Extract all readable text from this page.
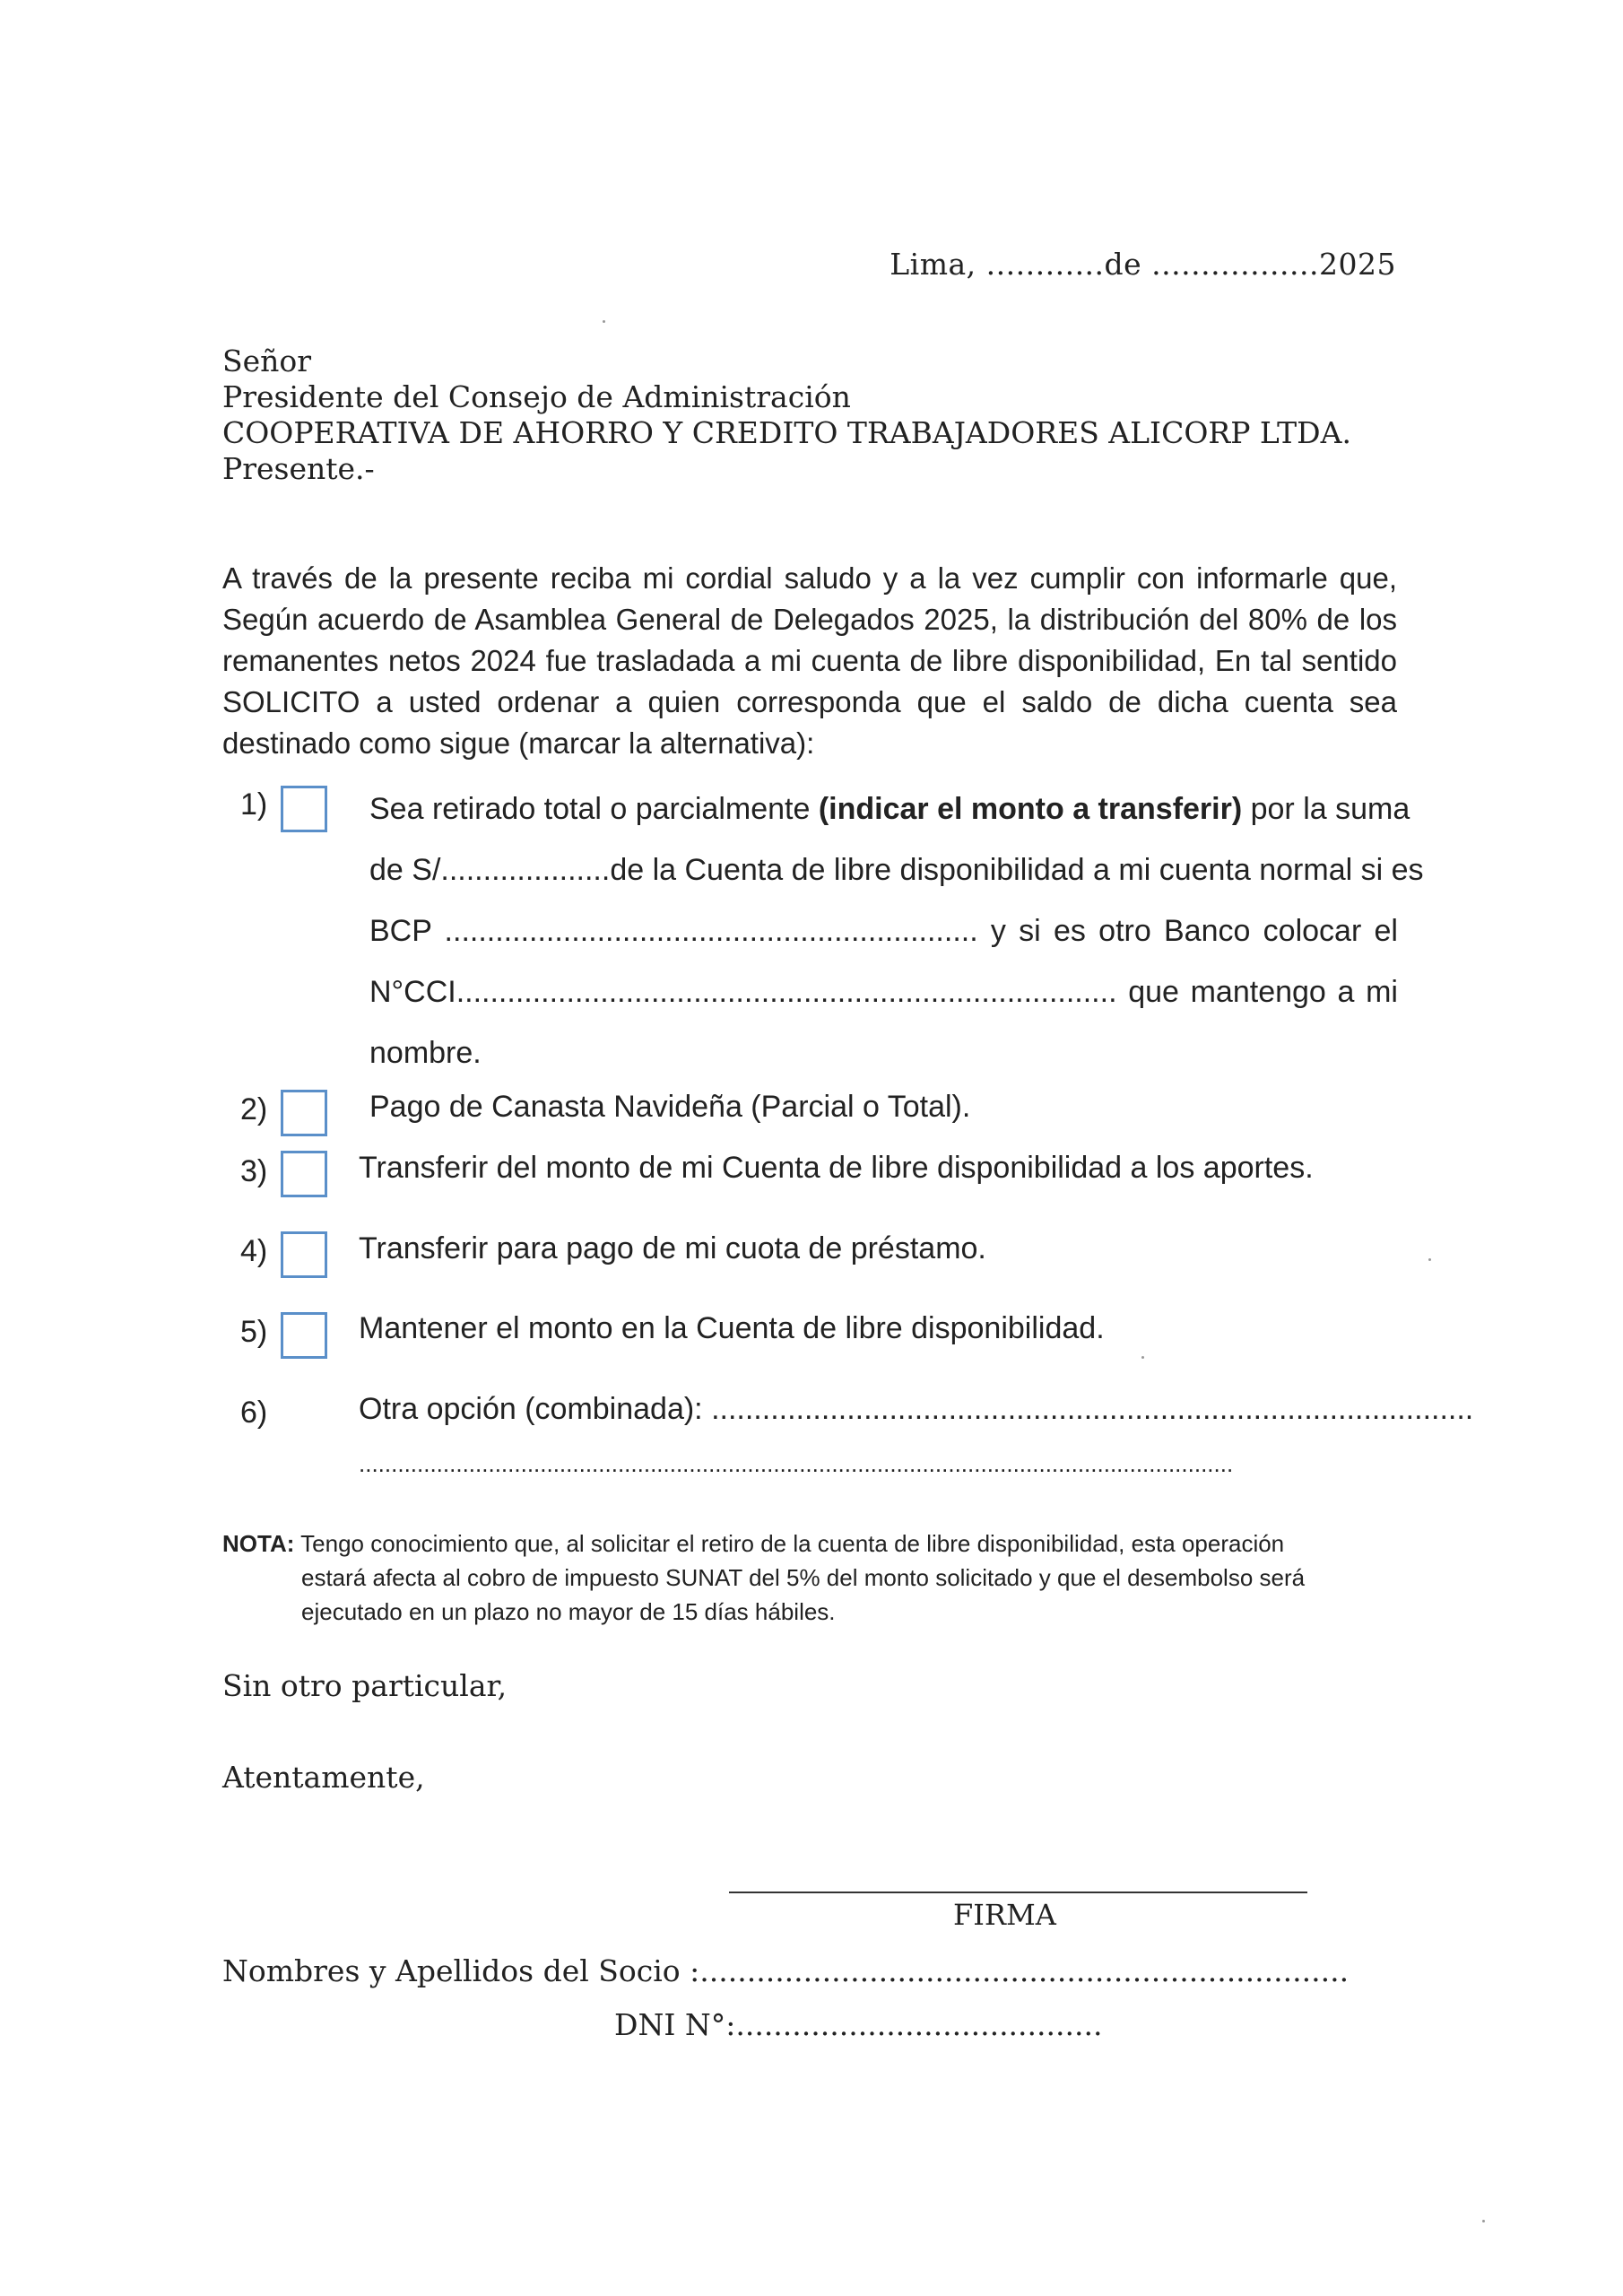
Lima, ............de .................2025
Señor
Presidente del Consejo de Administración
COOPERATIVA DE AHORRO Y CREDITO TRABAJADORES ALICORP LTDA.
Presente.-
A través de la presente reciba mi cordial saludo y a la vez cumplir con informarle que,
Según acuerdo de Asamblea General de Delegados 2025, la distribución del 80% de los
remanentes netos 2024 fue trasladada a mi cuenta de libre disponibilidad, En tal sentido
SOLICITO a usted ordenar a quien corresponda que el saldo de dicha cuenta sea
destinado como sigue (marcar la alternativa):
1)	Sea retirado total o parcialmente (indicar el monto a transferir) por la suma
de S/....................de la Cuenta de libre disponibilidad a mi cuenta normal si es
BCP ............................................................... y si es otro Banco colocar el
N°CCI.............................................................................. que mantengo a mi
nombre.
2)	Pago de Canasta Navideña (Parcial o Total).
3)	Transferir del monto de mi Cuenta de libre disponibilidad a los aportes.
4)	Transferir para pago de mi cuota de préstamo.
5)	Mantener el monto en la Cuenta de libre disponibilidad.
6)	Otra opción (combinada): ..........................................................................................
.......................................................................................................................................
NOTA: Tengo conocimiento que, al solicitar el retiro de la cuenta de libre disponibilidad, esta operación
estará afecta al cobro de impuesto SUNAT del 5% del monto solicitado y que el desembolso será
ejecutado en un plazo no mayor de 15 días hábiles.
Sin otro particular,
Atentamente,
FIRMA
Nombres y Apellidos del Socio :.....................................................................
DNI N°:.......................................
